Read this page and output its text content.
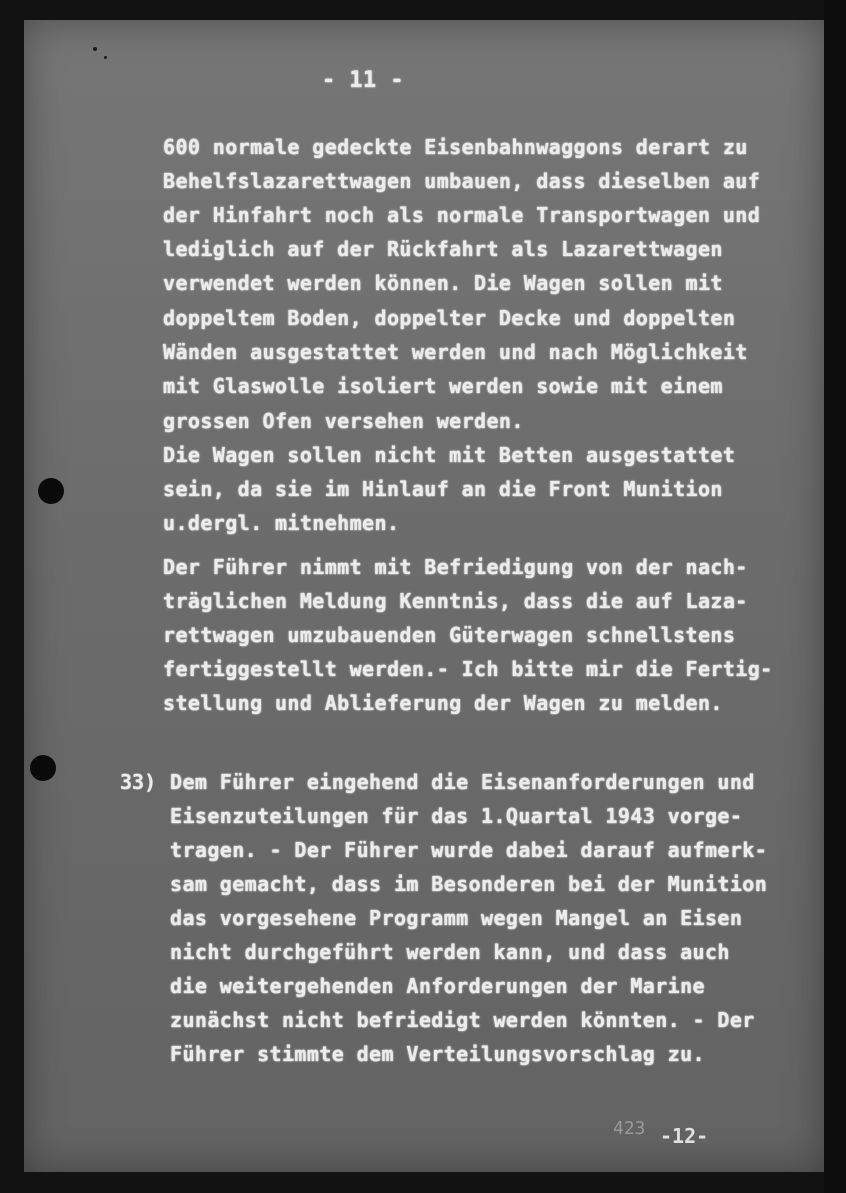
- 11 -
600 normale gedeckte Eisenbahnwaggons derart zu
Behelfslazarettwagen umbauen, dass dieselben auf
der Hinfahrt noch als normale Transportwagen und
lediglich auf der Rückfahrt als Lazarettwagen
verwendet werden können. Die Wagen sollen mit
doppeltem Boden, doppelter Decke und doppelten
Wänden ausgestattet werden und nach Möglichkeit
mit Glaswolle isoliert werden sowie mit einem
grossen Ofen versehen werden.
Die Wagen sollen nicht mit Betten ausgestattet
sein, da sie im Hinlauf an die Front Munition
u.dergl. mitnehmen.
Der Führer nimmt mit Befriedigung von der nach-
träglichen Meldung Kenntnis, dass die auf Laza-
rettwagen umzubauenden Güterwagen schnellstens
fertiggestellt werden.- Ich bitte mir die Fertig-
stellung und Ablieferung der Wagen zu melden.
33) Dem Führer eingehend die Eisenanforderungen und
Eisenzuteilungen für das 1.Quartal 1943 vorge-
tragen. - Der Führer wurde dabei darauf aufmerk-
sam gemacht, dass im Besonderen bei der Munition
das vorgesehene Programm wegen Mangel an Eisen
nicht durchgeführt werden kann, und dass auch
die weitergehenden Anforderungen der Marine
zunächst nicht befriedigt werden könnten. - Der
Führer stimmte dem Verteilungsvorschlag zu.
423 -12-
